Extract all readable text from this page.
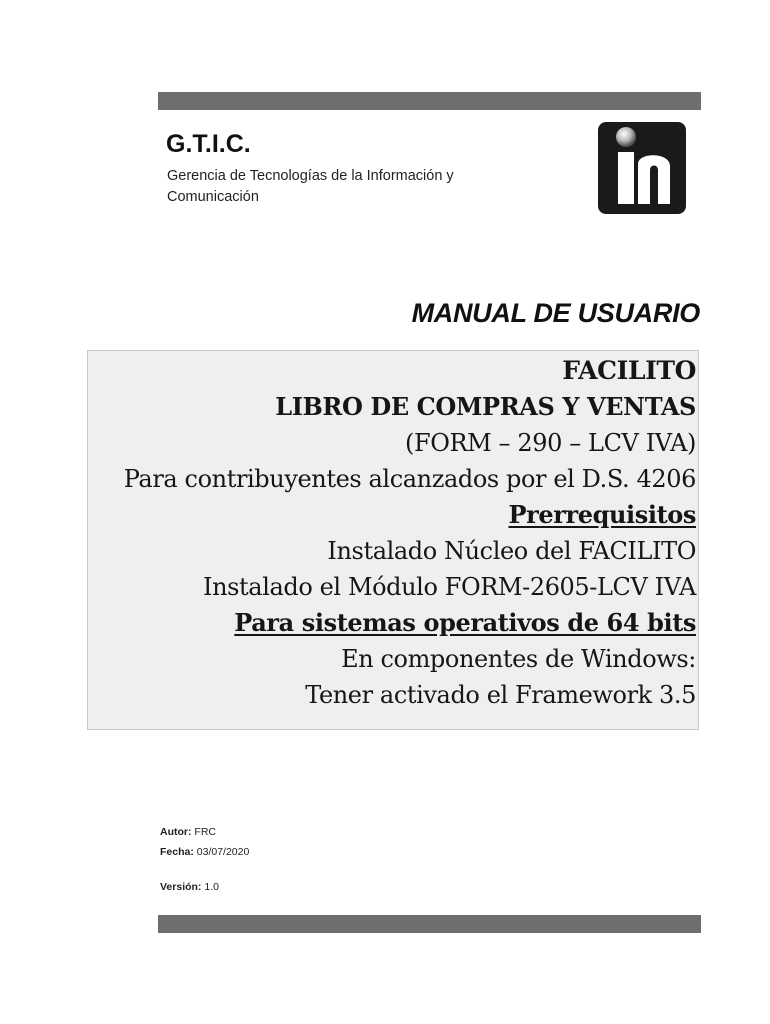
G.T.I.C.
Gerencia de Tecnologías de la Información y Comunicación
MANUAL DE USUARIO
FACILITO
LIBRO DE COMPRAS Y VENTAS
(FORM – 290 – LCV IVA)
Para contribuyentes alcanzados por el D.S. 4206
Prerrequisitos
Instalado Núcleo del FACILITO
Instalado el Módulo FORM-2605-LCV IVA
Para sistemas operativos de 64 bits
En componentes de Windows:
Tener activado el Framework 3.5
Autor: FRC
Fecha: 03/07/2020
Versión: 1.0
